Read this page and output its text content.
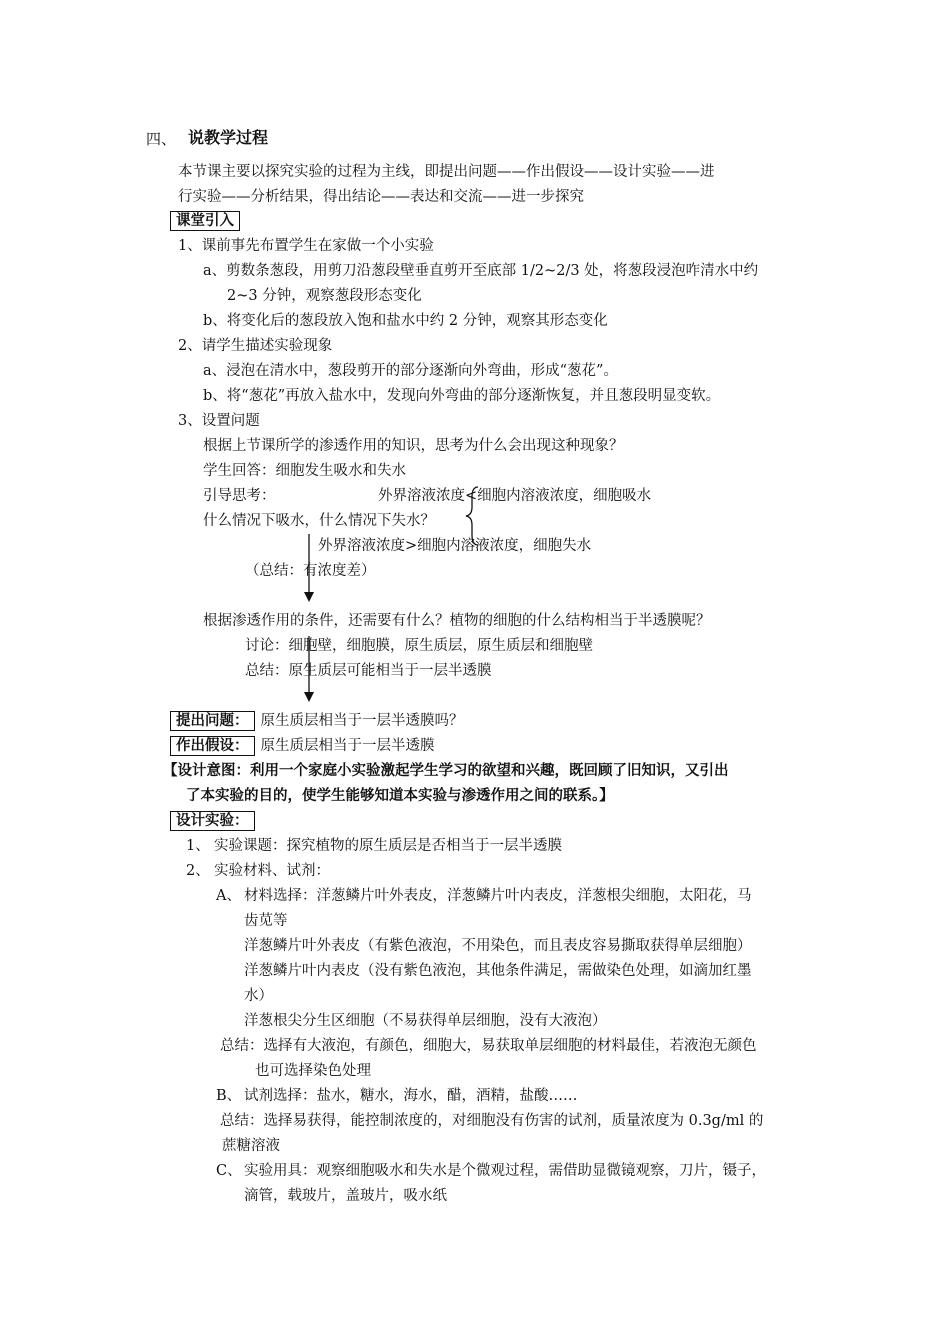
四、 说教学过程
本节课主要以探究实验的过程为主线，即提出问题——作出假设——设计实验——进
行实验——分析结果，得出结论——表达和交流——进一步探究
课堂引入
1、课前事先布置学生在家做一个小实验
a、剪数条葱段，用剪刀沿葱段壁垂直剪开至底部 1/2~2/3 处，将葱段浸泡咋清水中约
2~3 分钟，观察葱段形态变化
b、将变化后的葱段放入饱和盐水中约 2 分钟，观察其形态变化
2、请学生描述实验现象
a、浸泡在清水中，葱段剪开的部分逐渐向外弯曲，形成“葱花”。
b、将“葱花”再放入盐水中，发现向外弯曲的部分逐渐恢复，并且葱段明显变软。
3、设置问题
根据上节课所学的渗透作用的知识，思考为什么会出现这种现象？
学生回答：细胞发生吸水和失水
引导思考：	外界溶液浓度<细胞内溶液浓度，细胞吸水
什么情况下吸水，什么情况下失水？
外界溶液浓度>细胞内溶液浓度，细胞失水
（总结：有浓度差）
根据渗透作用的条件，还需要有什么？植物的细胞的什么结构相当于半透膜呢？
讨论：细胞壁，细胞膜，原生质层，原生质层和细胞壁
总结：原生质层可能相当于一层半透膜
提出问题： 原生质层相当于一层半透膜吗？
作出假设： 原生质层相当于一层半透膜
【设计意图：利用一个家庭小实验激起学生学习的欲望和兴趣，既回顾了旧知识，又引出
了本实验的目的，使学生能够知道本实验与渗透作用之间的联系。】
设计实验：
1、 实验课题：探究植物的原生质层是否相当于一层半透膜
2、 实验材料、试剂：
A、 材料选择：洋葱鳞片叶外表皮，洋葱鳞片叶内表皮，洋葱根尖细胞，太阳花，马
齿苋等
洋葱鳞片叶外表皮（有紫色液泡，不用染色，而且表皮容易撕取获得单层细胞）
洋葱鳞片叶内表皮（没有紫色液泡，其他条件满足，需做染色处理，如滴加红墨
水）
洋葱根尖分生区细胞（不易获得单层细胞，没有大液泡）
总结：选择有大液泡，有颜色，细胞大，易获取单层细胞的材料最佳，若液泡无颜色
也可选择染色处理
B、 试剂选择：盐水，糖水，海水，醋，酒精，盐酸……
总结：选择易获得，能控制浓度的，对细胞没有伤害的试剂，质量浓度为 0.3g/ml 的
蔗糖溶液
C、 实验用具：观察细胞吸水和失水是个微观过程，需借助显微镜观察，刀片，镊子，
滴管，载玻片，盖玻片，吸水纸
